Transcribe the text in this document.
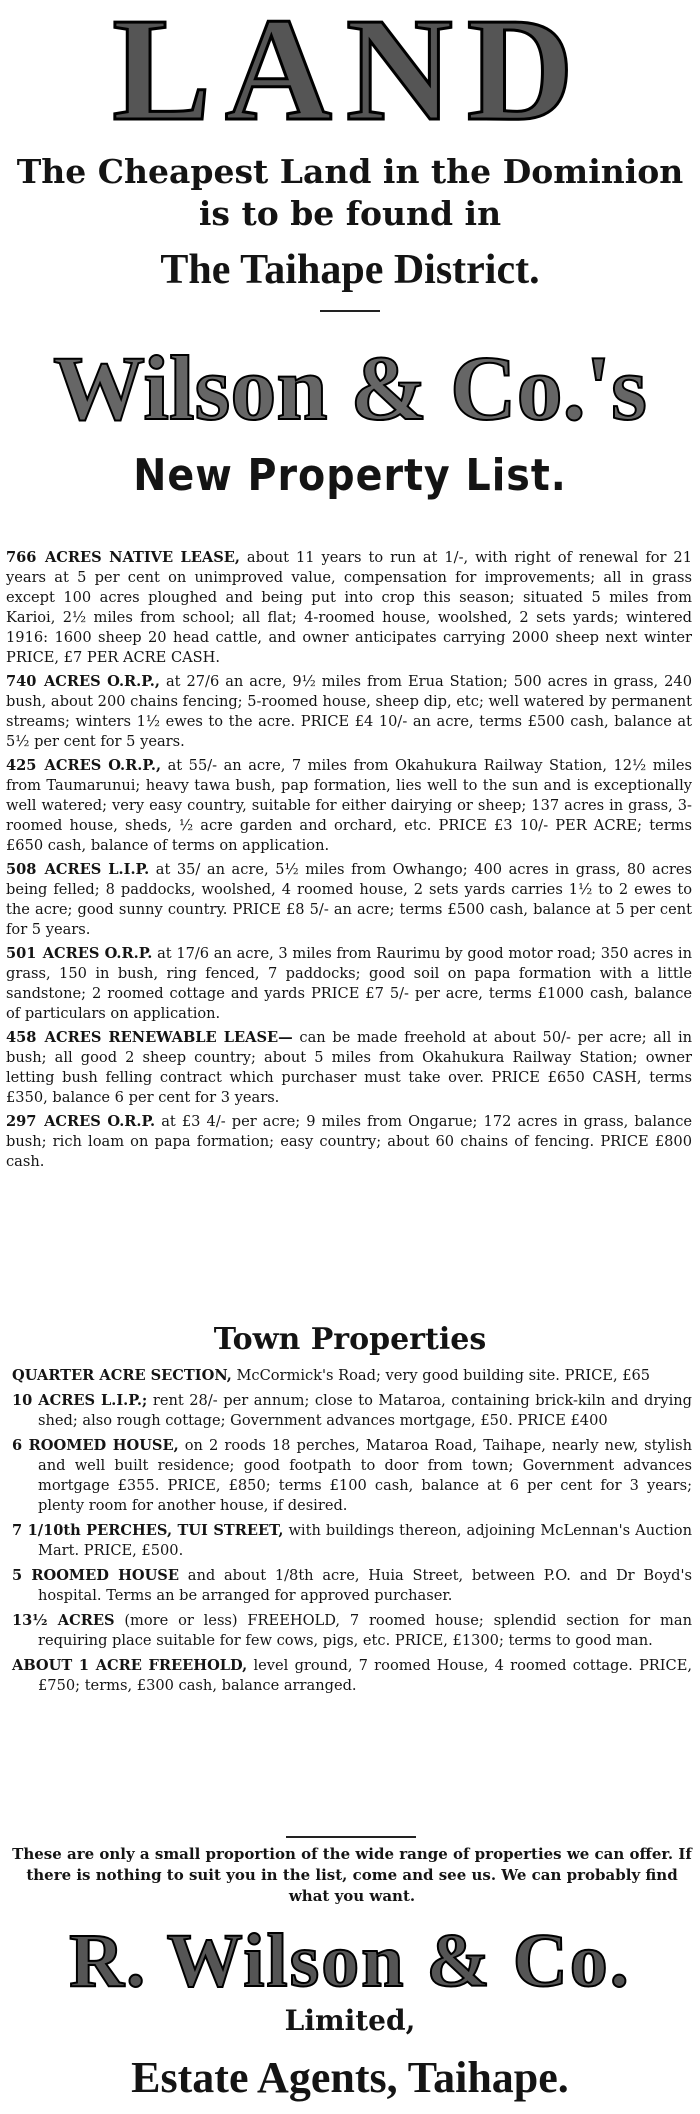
LAND
The Cheapest Land in the Dominion
is to be found in
The Taihape District.
Wilson & Co.'s
New Property List.

766 ACRES NATIVE LEASE, about 11 years to run at 1/-, with right of renewal for 21 years at 5 per cent on unimproved value, compensation for improvements; all in grass except 100 acres ploughed and being put into crop this season; situated 5 miles from Karioi, 2½ miles from school; all flat; 4-roomed house, woolshed, 2 sets yards; wintered 1916: 1600 sheep 20 head cattle, and owner anticipates carrying 2000 sheep next winter PRICE, £7 PER ACRE CASH.

740 ACRES O.R.P., at 27/6 an acre, 9½ miles from Erua Station; 500 acres in grass, 240 bush, about 200 chains fencing; 5-roomed house, sheep dip, etc; well watered by permanent streams; winters 1½ ewes to the acre. PRICE £4 10/- an acre, terms £500 cash, balance at 5½ per cent for 5 years.

425 ACRES O.R.P., at 55/- an acre, 7 miles from Okahukura Railway Station, 12½ miles from Taumarunui; heavy tawa bush, pap formation, lies well to the sun and is exceptionally well watered; very easy country, suitable for either dairying or sheep; 137 acres in grass, 3-roomed house, sheds, ½ acre garden and orchard, etc. PRICE £3 10/- PER ACRE; terms £650 cash, balance of terms on application.

508 ACRES L.I.P. at 35/ an acre, 5½ miles from Owhango; 400 acres in grass, 80 acres being felled; 8 paddocks, woolshed, 4 roomed house, 2 sets yards carries 1½ to 2 ewes to the acre; good sunny country. PRICE £8 5/- an acre; terms £500 cash, balance at 5 per cent for 5 years.

501 ACRES O.R.P. at 17/6 an acre, 3 miles from Raurimu by good motor road; 350 acres in grass, 150 in bush, ring fenced, 7 paddocks; good soil on papa formation with a little sandstone; 2 roomed cottage and yards PRICE £7 5/- per acre, terms £1000 cash, balance of particulars on application.

458 ACRES RENEWABLE LEASE— can be made freehold at about 50/- per acre; all in bush; all good 2 sheep country; about 5 miles from Okahukura Railway Station; owner letting bush felling contract which purchaser must take over. PRICE £650 CASH, terms £350, balance 6 per cent for 3 years.

297 ACRES O.R.P. at £3 4/- per acre; 9 miles from Ongarue; 172 acres in grass, balance bush; rich loam on papa formation; easy country; about 60 chains of fencing. PRICE £800 cash.

Town Properties

QUARTER ACRE SECTION, McCormick's Road; very good building site. PRICE, £65

10 ACRES L.I.P.; rent 28/- per annum; close to Mataroa, containing brick-kiln and drying shed; also rough cottage; Government advances mortgage, £50. PRICE £400

6 ROOMED HOUSE, on 2 roods 18 perches, Mataroa Road, Taihape, nearly new, stylish and well built residence; good footpath to door from town; Government advances mortgage £355. PRICE, £850; terms £100 cash, balance at 6 per cent for 3 years; plenty room for another house, if desired.

7 1/10th PERCHES, TUI STREET, with buildings thereon, adjoining McLennan's Auction Mart. PRICE, £500.

5 ROOMED HOUSE and about 1/8th acre, Huia Street, between P.O. and Dr Boyd's hospital. Terms an be arranged for approved purchaser.

13½ ACRES (more or less) FREEHOLD, 7 roomed house; splendid section for man requiring place suitable for few cows, pigs, etc. PRICE, £1300; terms to good man.

ABOUT 1 ACRE FREEHOLD, level ground, 7 roomed House, 4 roomed cottage. PRICE, £750; terms, £300 cash, balance arranged.

These are only a small proportion of the wide range of properties we can offer. If there is nothing to suit you in the list, come and see us. We can probably find what you want.
R. Wilson & Co.
Limited,
Estate Agents, Taihape.
